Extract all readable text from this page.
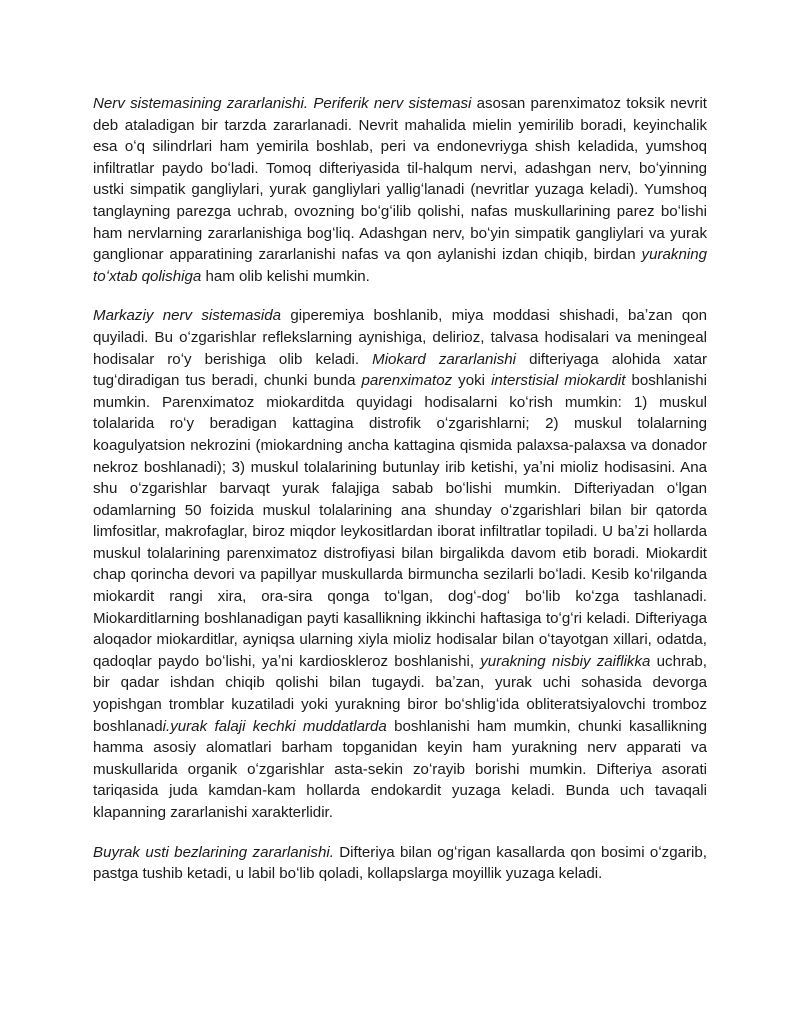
Nerv sistemasining zararlanishi. Periferik nerv sistemasi asosan parenximatoz toksik nevrit deb ataladigan bir tarzda zararlanadi. Nevrit mahalida mielin yemirilib boradi, keyinchalik esa oʻq silindrlari ham yemirila boshlab, peri va endonevriyga shish keladida, yumshoq infiltratlar paydo boʻladi. Tomoq difteriyasida til-halqum nervi, adashgan nerv, boʻyinning ustki simpatik gangliylari, yurak gangliylari yalligʻlanadi (nevritlar yuzaga keladi). Yumshoq tanglayning parezga uchrab, ovozning boʻgʻilib qolishi, nafas muskullarining parez boʻlishi ham nervlarning zararlanishiga bogʻliq. Adashgan nerv, boʻyin simpatik gangliylari va yurak ganglionar apparatining zararlanishi nafas va qon aylanishi izdan chiqib, birdan yurakning toʻxtab qolishiga ham olib kelishi mumkin.

Markaziy nerv sistemasida giperemiya boshlanib, miya moddasi shishadi, baʼzan qon quyiladi. Bu oʻzgarishlar reflekslarning aynishiga, delirioz, talvasa hodisalari va meningeal hodisalar roʻy berishiga olib keladi. Miokard zararlanishi difteriyaga alohida xatar tugʻdiradigan tus beradi, chunki bunda parenximatoz yoki interstisial miokardit boshlanishi mumkin. Parenximatoz miokarditda quyidagi hodisalarni koʻrish mumkin: 1) muskul tolalarida roʻy beradigan kattagina distrofik oʻzgarishlarni; 2) muskul tolalarning koagulyatsion nekrozini (miokardning ancha kattagina qismida palaxsa-palaxsa va donador nekroz boshlanadi); 3) muskul tolalarining butunlay irib ketishi, yaʼni mioliz hodisasini. Ana shu oʻzgarishlar barvaqt yurak falajiga sabab boʻlishi mumkin. Difteriyadan oʻlgan odamlarning 50 foizida muskul tolalarining ana shunday oʻzgarishlari bilan bir qatorda limfositlar, makrofaglar, biroz miqdor leykositlardan iborat infiltratlar topiladi. U baʼzi hollarda muskul tolalarining parenximatoz distrofiyasi bilan birgalikda davom etib boradi. Miokardit chap qorincha devori va papillyar muskullarda birmuncha sezilarli boʻladi. Kesib koʻrilganda miokardit rangi xira, ora-sira qonga toʻlgan, dogʻ-dogʻ boʻlib koʻzga tashlanadi. Miokarditlarning boshlanadigan payti kasallikning ikkinchi haftasiga toʻgʻri keladi. Difteriyaga aloqador miokarditlar, ayniqsa ularning xiyla mioliz hodisalar bilan oʻtayotgan xillari, odatda, qadoqlar paydo boʻlishi, yaʼni kardioskleroz boshlanishi, yurakning nisbiy zaiflikka uchrab, bir qadar ishdan chiqib qolishi bilan tugaydi. baʼzan, yurak uchi sohasida devorga yopishgan tromblar kuzatiladi yoki yurakning biror boʻshligʻida obliteratsiyalovchi tromboz boshlanadi.yurak falaji kechki muddatlarda boshlanishi ham mumkin, chunki kasallikning hamma asosiy alomatlari barham topganidan keyin ham yurakning nerv apparati va muskullarida organik oʻzgarishlar asta-sekin zoʻrayib borishi mumkin. Difteriya asorati tariqasida juda kamdan-kam hollarda endokardit yuzaga keladi. Bunda uch tavaqali klapanning zararlanishi xarakterlidir.

Buyrak usti bezlarining zararlanishi. Difteriya bilan ogʻrigan kasallarda qon bosimi oʻzgarib, pastga tushib ketadi, u labil boʻlib qoladi, kollapslarga moyillik yuzaga keladi.
